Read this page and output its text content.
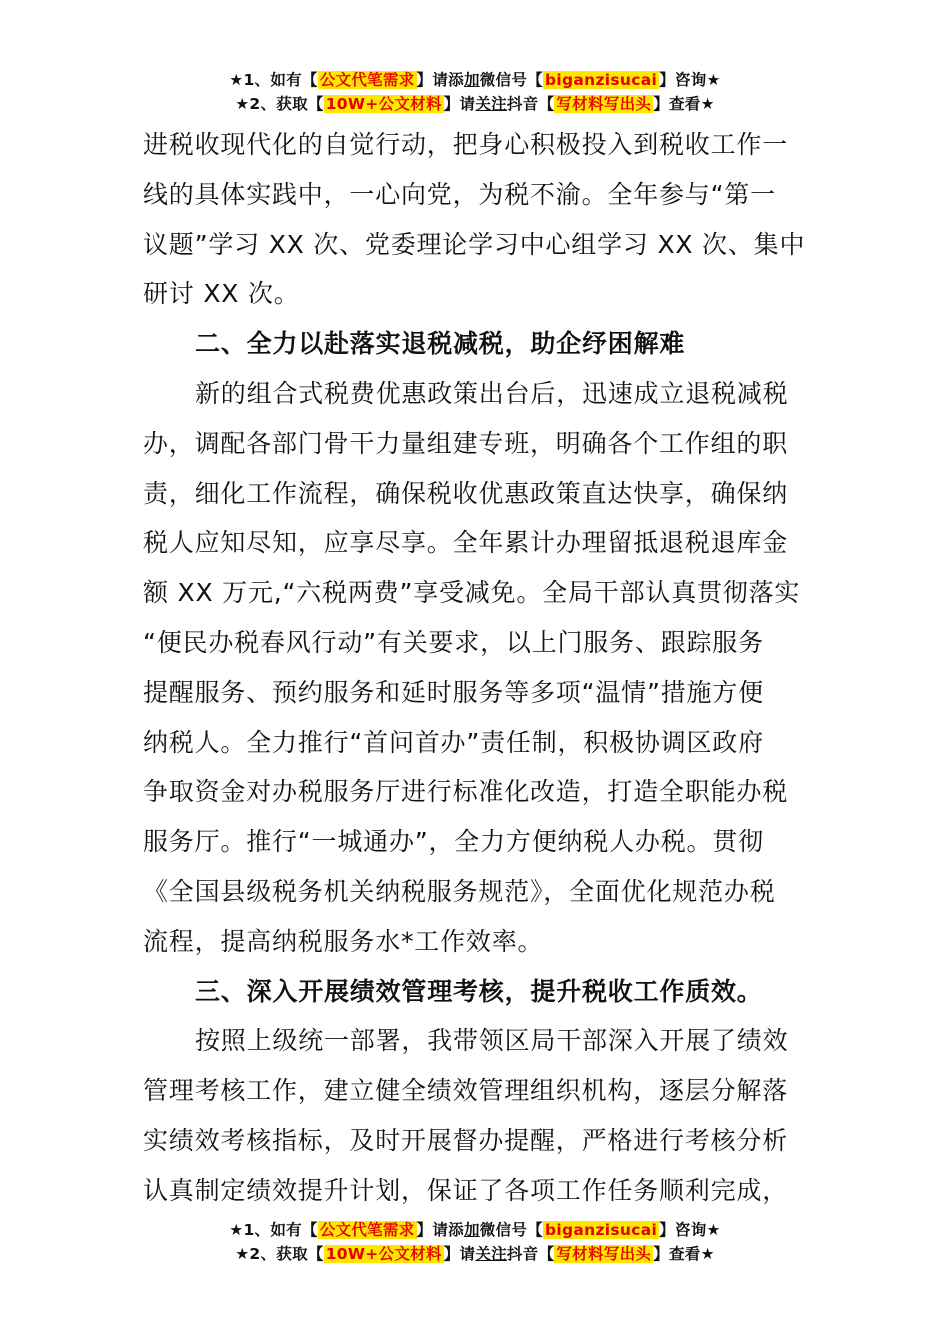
★1、如有【 公文代笔需求 】请添加微信号【 biganzisucai 】咨询★
★2、获取【 10W+公文材料 】请关注抖音【 写材料写出头 】查看★
进税收现代化的自觉行动，把身心积极投入到税收工作一
线的具体实践中，一心向党，为税不渝。全年参与“第一
议题”学习 XX 次、党委理论学习中心组学习 XX 次、集中
研讨 XX 次。
二、全力以赴落实退税减税，助企纾困解难
新的组合式税费优惠政策出台后，迅速成立退税减税
办，调配各部门骨干力量组建专班，明确各个工作组的职
责，细化工作流程，确保税收优惠政策直达快享，确保纳
税人应知尽知，应享尽享。全年累计办理留抵退税退库金
额 XX 万元,“六税两费”享受减免。全局干部认真贯彻落实
“便民办税春风行动”有关要求，以上门服务、跟踪服务
提醒服务、预约服务和延时服务等多项“温情”措施方便
纳税人。全力推行“首问首办”责任制，积极协调区政府
争取资金对办税服务厅进行标准化改造，打造全职能办税
服务厅。推行“一城通办”，全力方便纳税人办税。贯彻
《全国县级税务机关纳税服务规范》，全面优化规范办税
流程，提高纳税服务水*工作效率。
三、深入开展绩效管理考核，提升税收工作质效。
按照上级统一部署，我带领区局干部深入开展了绩效
管理考核工作，建立健全绩效管理组织机构，逐层分解落
实绩效考核指标，及时开展督办提醒，严格进行考核分析
认真制定绩效提升计划，保证了各项工作任务顺利完成，
★1、如有【 公文代笔需求 】请添加微信号【 biganzisucai 】咨询★
★2、获取【 10W+公文材料 】请关注抖音【 写材料写出头 】查看★
